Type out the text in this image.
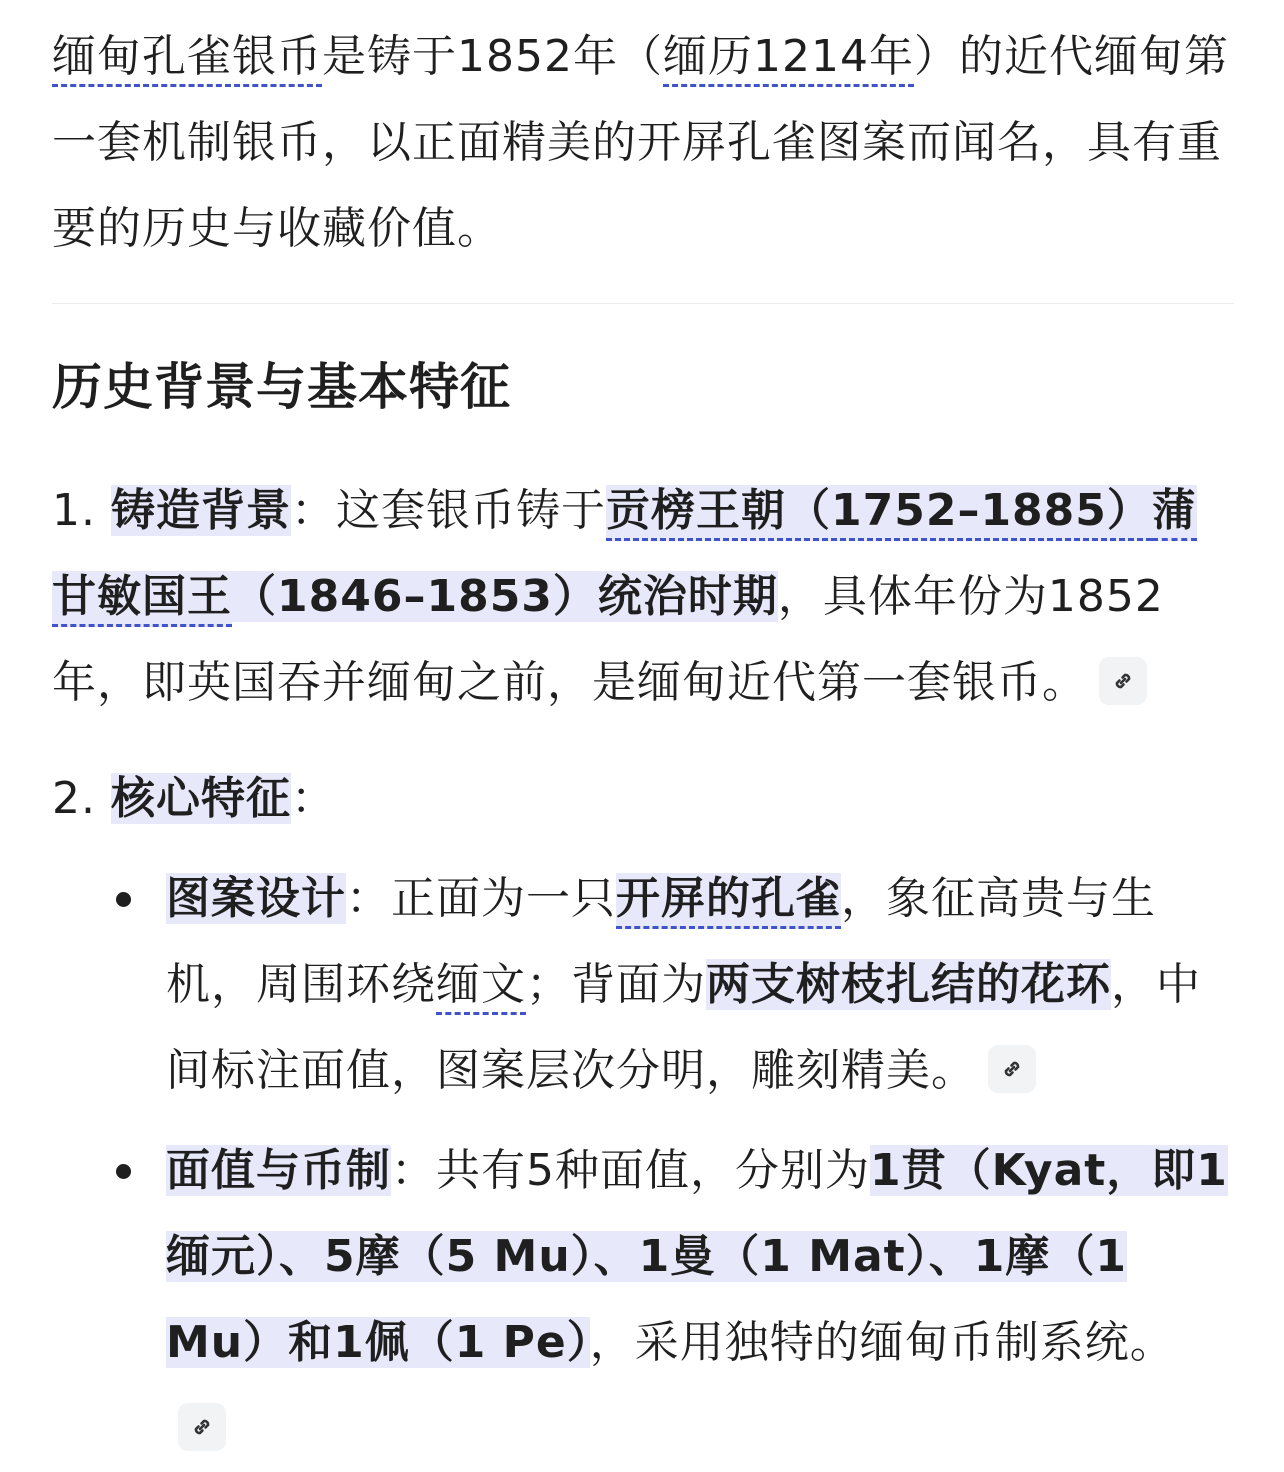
缅甸孔雀银币是铸于1852年（缅历1214年）的近代缅甸第一套机制银币，以正面精美的开屏孔雀图案而闻名，具有重要的历史与收藏价值。
历史背景与基本特征
1. 铸造背景：这套银币铸于贡榜王朝（1752–1885）蒲甘敏国王（1846–1853）统治时期，具体年份为1852年，即英国吞并缅甸之前，是缅甸近代第一套银币。
2. 核心特征：
图案设计：正面为一只开屏的孔雀，象征高贵与生机，周围环绕缅文；背面为两支树枝扎结的花环，中间标注面值，图案层次分明，雕刻精美。
面值与币制：共有5种面值，分别为1贯（Kyat，即1缅元）、5摩（5 Mu）、1曼（1 Mat）、1摩（1 Mu）和1佩（1 Pe），采用独特的缅甸币制系统。
